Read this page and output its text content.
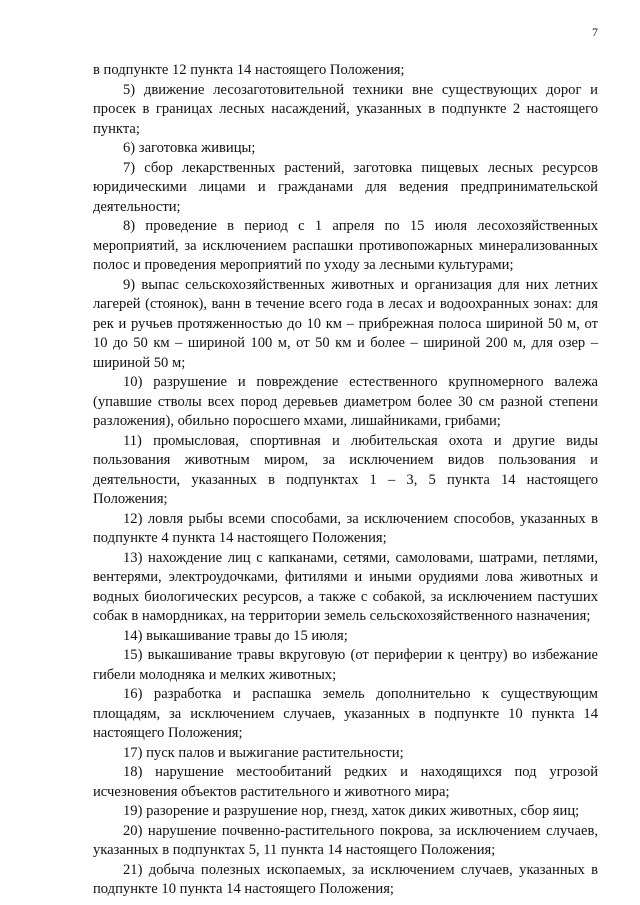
7

в подпункте 12 пункта 14 настоящего Положения;

5) движение лесозаготовительной техники вне существующих дорог и просек в границах лесных насаждений, указанных в подпункте 2 настоящего пункта;

6) заготовка живицы;

7) сбор лекарственных растений, заготовка пищевых лесных ресурсов юридическими лицами и гражданами для ведения предпринимательской деятельности;

8) проведение в период с 1 апреля по 15 июля лесохозяйственных мероприятий, за исключением распашки противопожарных минерализованных полос и проведения мероприятий по уходу за лесными культурами;

9) выпас сельскохозяйственных животных и организация для них летних лагерей (стоянок), ванн в течение всего года в лесах и водоохранных зонах: для рек и ручьев протяженностью до 10 км – прибрежная полоса шириной 50 м, от 10 до 50 км – шириной 100 м, от 50 км и более – шириной 200 м, для озер – шириной 50 м;

10) разрушение и повреждение естественного крупномерного валежа (упавшие стволы всех пород деревьев диаметром более 30 см разной степени разложения), обильно поросшего мхами, лишайниками, грибами;

11) промысловая, спортивная и любительская охота и другие виды пользования животным миром, за исключением видов пользования и деятельности, указанных в подпунктах 1 – 3, 5 пункта 14 настоящего Положения;

12) ловля рыбы всеми способами, за исключением способов, указанных в подпункте 4 пункта 14 настоящего Положения;

13) нахождение лиц с капканами, сетями, самоловами, шатрами, петлями, вентерями, электроудочками, фитилями и иными орудиями лова животных и водных биологических ресурсов, а также с собакой, за исключением пастуших собак в намордниках, на территории земель сельскохозяйственного назначения;

14) выкашивание травы до 15 июля;

15) выкашивание травы вкруговую (от периферии к центру) во избежание гибели молодняка и мелких животных;

16) разработка и распашка земель дополнительно к существующим площадям, за исключением случаев, указанных в подпункте 10 пункта 14 настоящего Положения;

17) пуск палов и выжигание растительности;

18) нарушение местообитаний редких и находящихся под угрозой исчезновения объектов растительного и животного мира;

19) разорение и разрушение нор, гнезд, хаток диких животных, сбор яиц;

20) нарушение почвенно-растительного покрова, за исключением случаев, указанных в подпунктах 5, 11 пункта 14 настоящего Положения;

21) добыча полезных ископаемых, за исключением случаев, указанных в подпункте 10 пункта 14 настоящего Положения;
